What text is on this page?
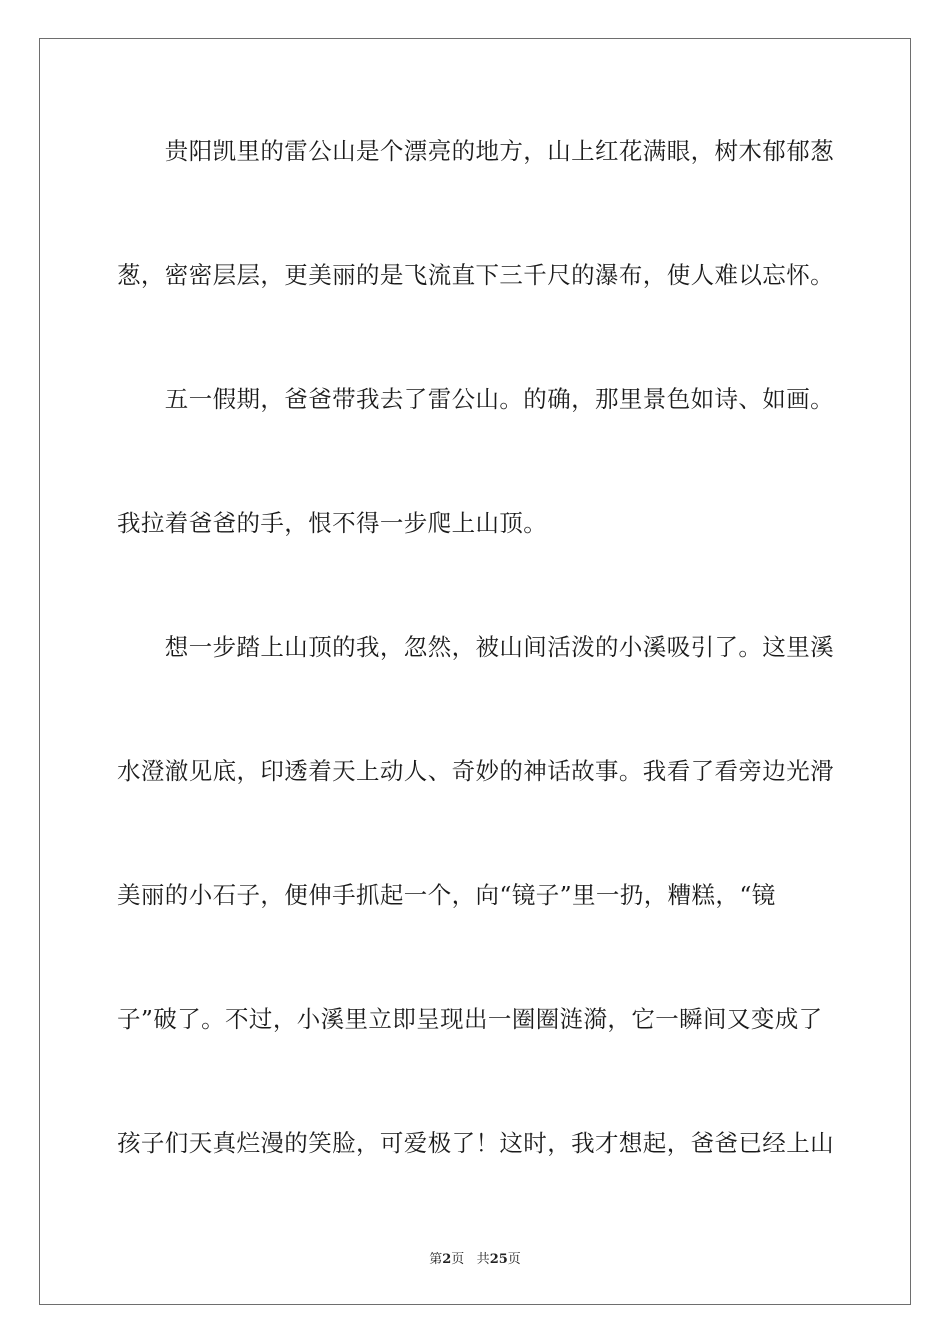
　　贵阳凯里的雷公山是个漂亮的地方，山上红花满眼，树木郁郁葱
葱，密密层层，更美丽的是飞流直下三千尺的瀑布，使人难以忘怀。
　　五一假期，爸爸带我去了雷公山。的确，那里景色如诗、如画。
我拉着爸爸的手，恨不得一步爬上山顶。
　　想一步踏上山顶的我，忽然，被山间活泼的小溪吸引了。这里溪
水澄澈见底，印透着天上动人、奇妙的神话故事。我看了看旁边光滑
美丽的小石子，便伸手抓起一个，向“镜子”里一扔，糟糕，“镜
子”破了。不过，小溪里立即呈现出一圈圈涟漪，它一瞬间又变成了
孩子们天真烂漫的笑脸，可爱极了！这时，我才想起，爸爸已经上山
第2页 共25页
